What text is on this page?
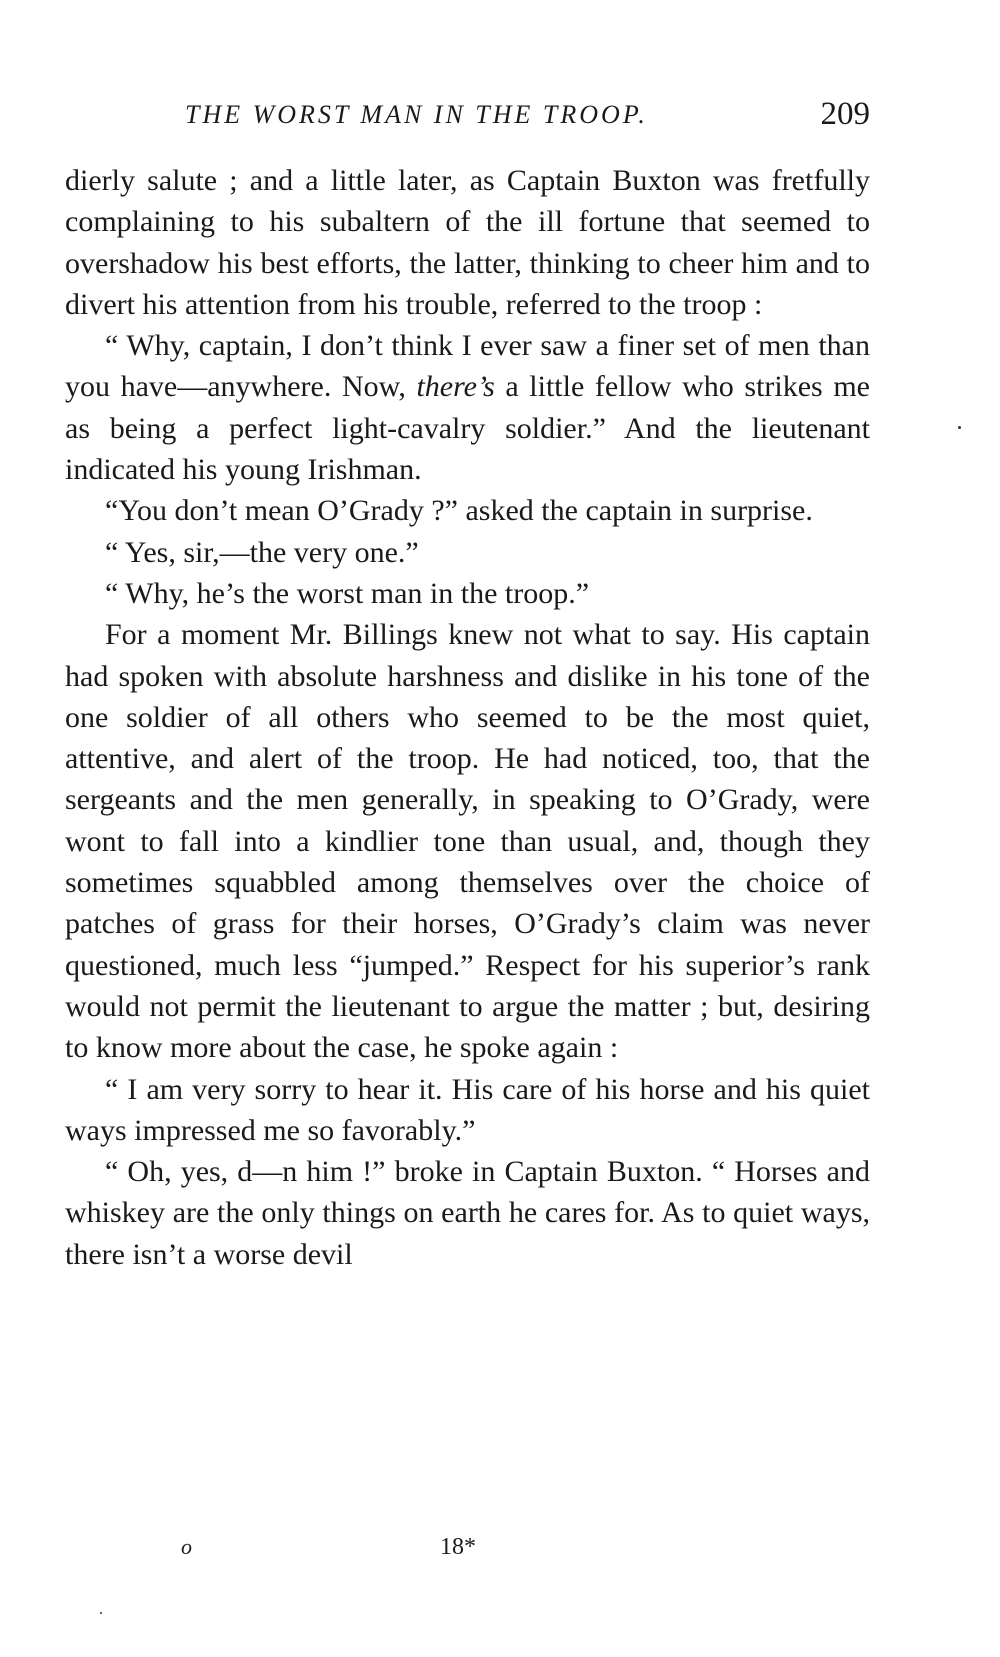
THE WORST MAN IN THE TROOP.	209

dierly salute ; and a little later, as Captain Buxton was fretfully complaining to his subaltern of the ill fortune that seemed to overshadow his best efforts, the latter, thinking to cheer him and to divert his attention from his trouble, referred to the troop :

“ Why, captain, I don’t think I ever saw a finer set of men than you have—anywhere. Now, there’s a little fellow who strikes me as being a perfect light-cavalry soldier.” And the lieutenant indicated his young Irishman.

“You don’t mean O’Grady ?” asked the captain in surprise.

“ Yes, sir,—the very one.”

“ Why, he’s the worst man in the troop.”

For a moment Mr. Billings knew not what to say. His captain had spoken with absolute harshness and dislike in his tone of the one soldier of all others who seemed to be the most quiet, attentive, and alert of the troop. He had noticed, too, that the sergeants and the men generally, in speaking to O’Grady, were wont to fall into a kindlier tone than usual, and, though they sometimes squabbled among themselves over the choice of patches of grass for their horses, O’Grady’s claim was never questioned, much less “jumped.” Respect for his superior’s rank would not permit the lieutenant to argue the matter ; but, desiring to know more about the case, he spoke again :

“ I am very sorry to hear it. His care of his horse and his quiet ways impressed me so favorably.”

“ Oh, yes, d—n him !” broke in Captain Buxton. “ Horses and whiskey are the only things on earth he cares for. As to quiet ways, there isn’t a worse devil

o	18*
